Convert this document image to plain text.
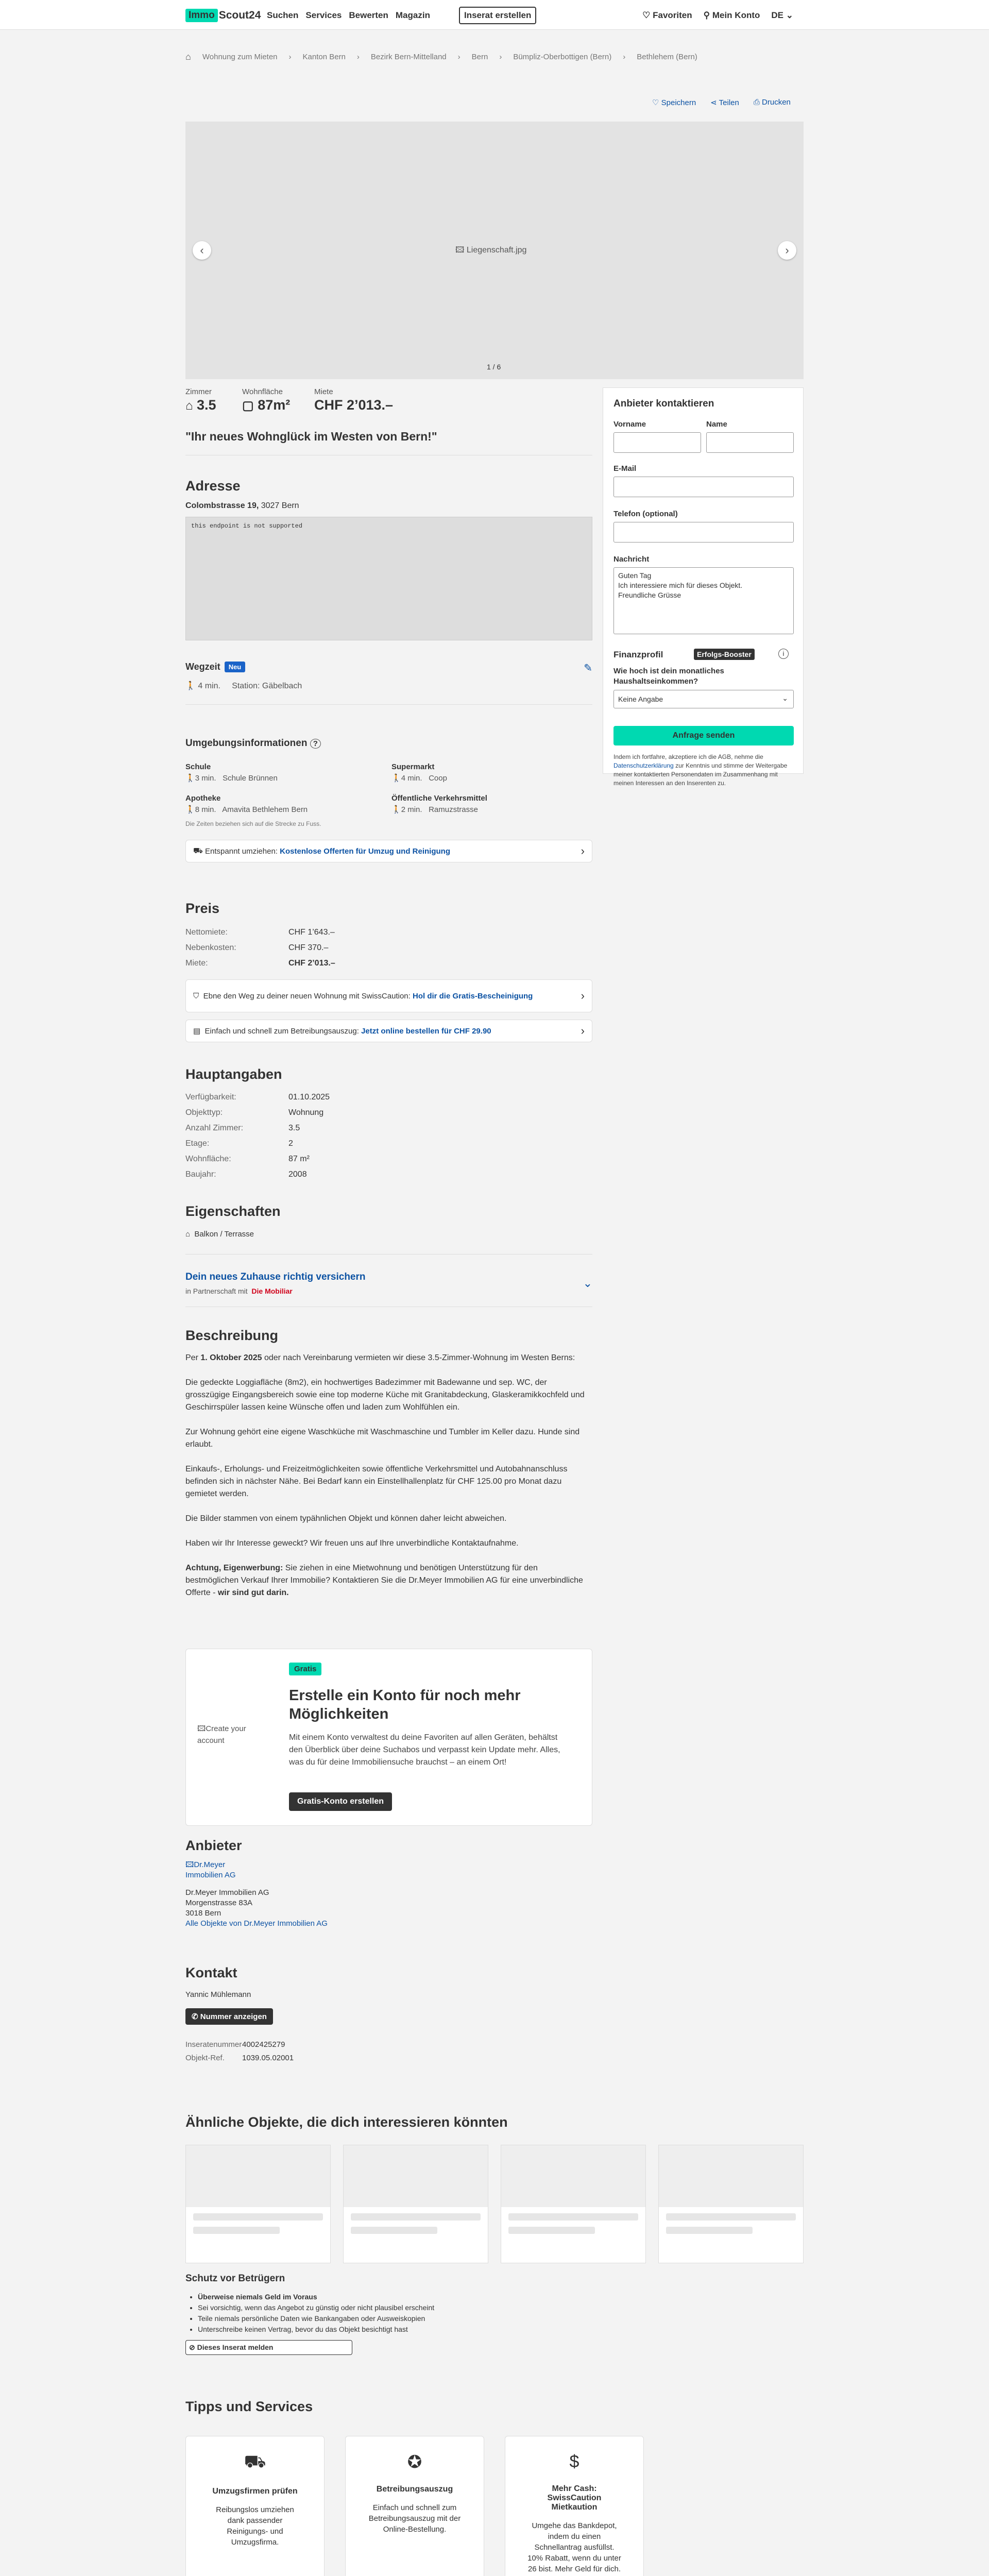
Immo Scout24 Suchen Services Bewerten Magazin	Inserat erstellen	♡ Favoriten ⚲ Mein Konto DE ⌄
⌂ Wohnung zum Mieten › Kanton Bern › Bezirk Bern-Mittelland › Bern › Bümpliz-Oberbottigen (Bern) › Bethlehem (Bern)
♡ Speichern ⋖ Teilen ⎙ Drucken
🖾 Liegenschaft.jpg
‹	›
1 / 6
Zimmer
⌂ 3.5
Wohnfläche
▢ 87m²
Miete
CHF 2’013.–
"Ihr neues Wohnglück im Westen von Bern!"
Adresse
Colombstrasse 19, 3027 Bern
this endpoint is not supported
Wegzeit	Neu	✎
🚶 4 min. Station: Gäbelbach
Umgebungsinformationen ?
Schule
🚶3 min. Schule Brünnen
Supermarkt
🚶4 min. Coop
Apotheke
🚶8 min. Amavita Bethlehem Bern
Öffentliche Verkehrsmittel
🚶2 min. Ramuzstrasse
Die Zeiten beziehen sich auf die Strecke zu Fuss.
⛟
Entspannt umziehen:
Kostenlose Offerten für Umzug und Reinigung	›
Preis
Nettomiete:	CHF 1’643.–
Nebenkosten:	CHF 370.–
Miete:	CHF 2’013.–
⛉
Ebne den Weg zu deiner neuen Wohnung mit SwissCaution: Hol dir die Gratis-Bescheinigung	›
▤
Einfach und schnell zum Betreibungsauszug:
Jetzt online bestellen für CHF 29.90	›
Hauptangaben
Verfügbarkeit:	01.10.2025
Objekttyp:	Wohnung
Anzahl Zimmer:	3.5
Etage:	2
Wohnfläche:	87 m²
Baujahr:	2008
Eigenschaften
⌂ Balkon / Terrasse
Dein neues Zuhause richtig versichern
in Partnerschaft mit Die Mobiliar
⌄
Beschreibung

Per 1. Oktober 2025 oder nach Vereinbarung vermieten wir diese 3.5-Zimmer-Wohnung im Westen Berns:

Die gedeckte Loggiafläche (8m2), ein hochwertiges Badezimmer mit Badewanne und sep. WC, der grosszügige Eingangsbereich sowie eine top moderne Küche mit Granitabdeckung, Glaskeramikkochfeld und Geschirrspüler lassen keine Wünsche offen und laden zum Wohlfühlen ein.

Zur Wohnung gehört eine eigene Waschküche mit Waschmaschine und Tumbler im Keller dazu. Hunde sind erlaubt.

Einkaufs-, Erholungs- und Freizeitmöglichkeiten sowie öffentliche Verkehrsmittel und Autobahnanschluss befinden sich in nächster Nähe. Bei Bedarf kann ein Einstellhallenplatz für CHF 125.00 pro Monat dazu gemietet werden.

Die Bilder stammen von einem typähnlichen Objekt und können daher leicht abweichen.

Haben wir Ihr Interesse geweckt? Wir freuen uns auf Ihre unverbindliche Kontaktaufnahme.

Achtung, Eigenwerbung: Sie ziehen in eine Mietwohnung und benötigen Unterstützung für den bestmöglichen Verkauf Ihrer Immobilie? Kontaktieren Sie die Dr.Meyer Immobilien AG für eine unverbindliche Offerte - wir sind gut darin.

Gratis
🖾Create your account
Erstelle ein Konto für noch mehr Möglichkeiten
Mit einem Konto verwaltest du deine Favoriten auf allen Geräten, behältst den Überblick über deine Suchabos und verpasst kein Update mehr. Alles, was du für deine Immobiliensuche brauchst – an einem Ort!
Gratis-Konto erstellen
Anbieter
🖾Dr.Meyer Immobilien AG
Dr.Meyer Immobilien AG
Morgenstrasse 83A
3018 Bern
Alle Objekte von Dr.Meyer Immobilien AG
Kontakt
Yannic Mühlemann
✆ Nummer anzeigen
Inseratenummer 4002425279
Objekt-Ref.	1039.05.02001
Ähnliche Objekte, die dich interessieren könnten
Schutz vor Betrügern
• Überweise niemals Geld im Voraus
• Sei vorsichtig, wenn das Angebot zu günstig oder nicht plausibel erscheint
• Teile niemals persönliche Daten wie Bankangaben oder Ausweiskopien
• Unterschreibe keinen Vertrag, bevor du das Objekt besichtigt hast
⊘ Dieses Inserat melden
Tipps und Services
⛟
Umzugsfirmen prüfen
Reibungslos umziehen dank passender Reinigungs- und Umzugsfirma.
✪
Betreibungsauszug
Einfach und schnell zum Betreibungsauszug mit der Online-Bestellung.
$
Mehr Cash: SwissCaution Mietkaution
Umgehe das Bankdepot, indem du einen Schnellantrag ausfüllst. 10% Rabatt, wenn du unter 26 bist. Mehr Geld für dich.
Anbieter kontaktieren
Vorname	Name
E-Mail
Telefon (optional)
Nachricht
Guten Tag
Ich interessiere mich für dieses Objekt.
Freundliche Grüsse
Finanzprofil	Erfolgs-Booster	i
Wie hoch ist dein monatliches Haushaltseinkommen?
Keine Angabe	⌄
Anfrage senden
Indem ich fortfahre, akzeptiere ich die AGB, nehme die Datenschutzerklärung zur Kenntnis und stimme der Weitergabe meiner kontaktierten Personendaten im Zusammenhang mit meinen Interessen an den Inserenten zu.
